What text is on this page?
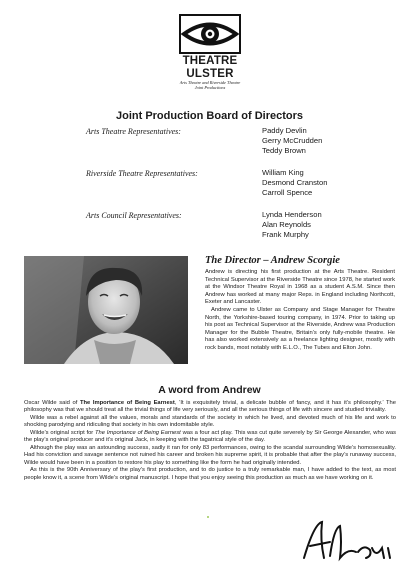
THEATRE
ULSTER
Arts Theatre and Riverside Theatre
Joint Productions
Joint Production Board of Directors
Arts Theatre Representatives:	Paddy Devlin
Gerry McCrudden
Teddy Brown
Riverside Theatre Representatives:	William King
Desmond Cranston
Carroll Spence
Arts Council Representatives:	Lynda Henderson
Alan Reynolds
Frank Murphy
The Director – Andrew Scorgie

Andrew is directing his first production at the Arts Theatre. Resident Technical Supervisor at the Riverside Theatre since 1978, he started work at the Windsor Theatre Royal in 1968 as a student A.S.M. Since then Andrew has worked at many major Reps. in England including Northcott, Exeter and Lancaster.

Andrew came to Ulster as Company and Stage Manager for Theatre North, the Yorkshire-based touring company, in 1974. Prior to taking up his post as Technical Supervisor at the Riverside, Andrew was Production Manager for the Bubble Theatre, Britain’s only fully-mobile theatre. He has also worked extensively as a freelance lighting designer, mostly with rock bands, most notably with E.L.O., The Tubes and Elton John.

A word from Andrew

Oscar Wilde said of The Importance of Being Earnest, ‘It is exquisitely trivial, a delicate bubble of fancy, and it has it’s philosophy.’ The philosophy was that we should treat all the trivial things of life very seriously, and all the serious things of life with sincere and studied triviality.

Wilde was a rebel against all the values, morals and standards of the society in which he lived, and devoted much of his life and work to shocking parodying and ridiculing that society in his own indomitable style.

Wilde’s original script for The Importance of Being Earnest was a four act play. This was cut quite severely by Sir George Alexander, who was the play’s original producer and it’s original Jack, in keeping with the tagatrical style of the day.

Although the play was an astounding success, sadly it ran for only 83 performances, owing to the scandal surrounding Wilde’s homosexuality. Had his conviction and savage sentence not ruined his career and broken his supreme spirit, it is probable that after the play’s runaway success, Wilde would have been in a position to restore his play to something like the form he had originally intended.

As this is the 90th Anniversary of the play’s first production, and to do justice to a truly remarkable man, I have added to the text, as most people know it, a scene from Wilde’s original manuscript. I hope that you enjoy seeing this production as much as we have working on it.
